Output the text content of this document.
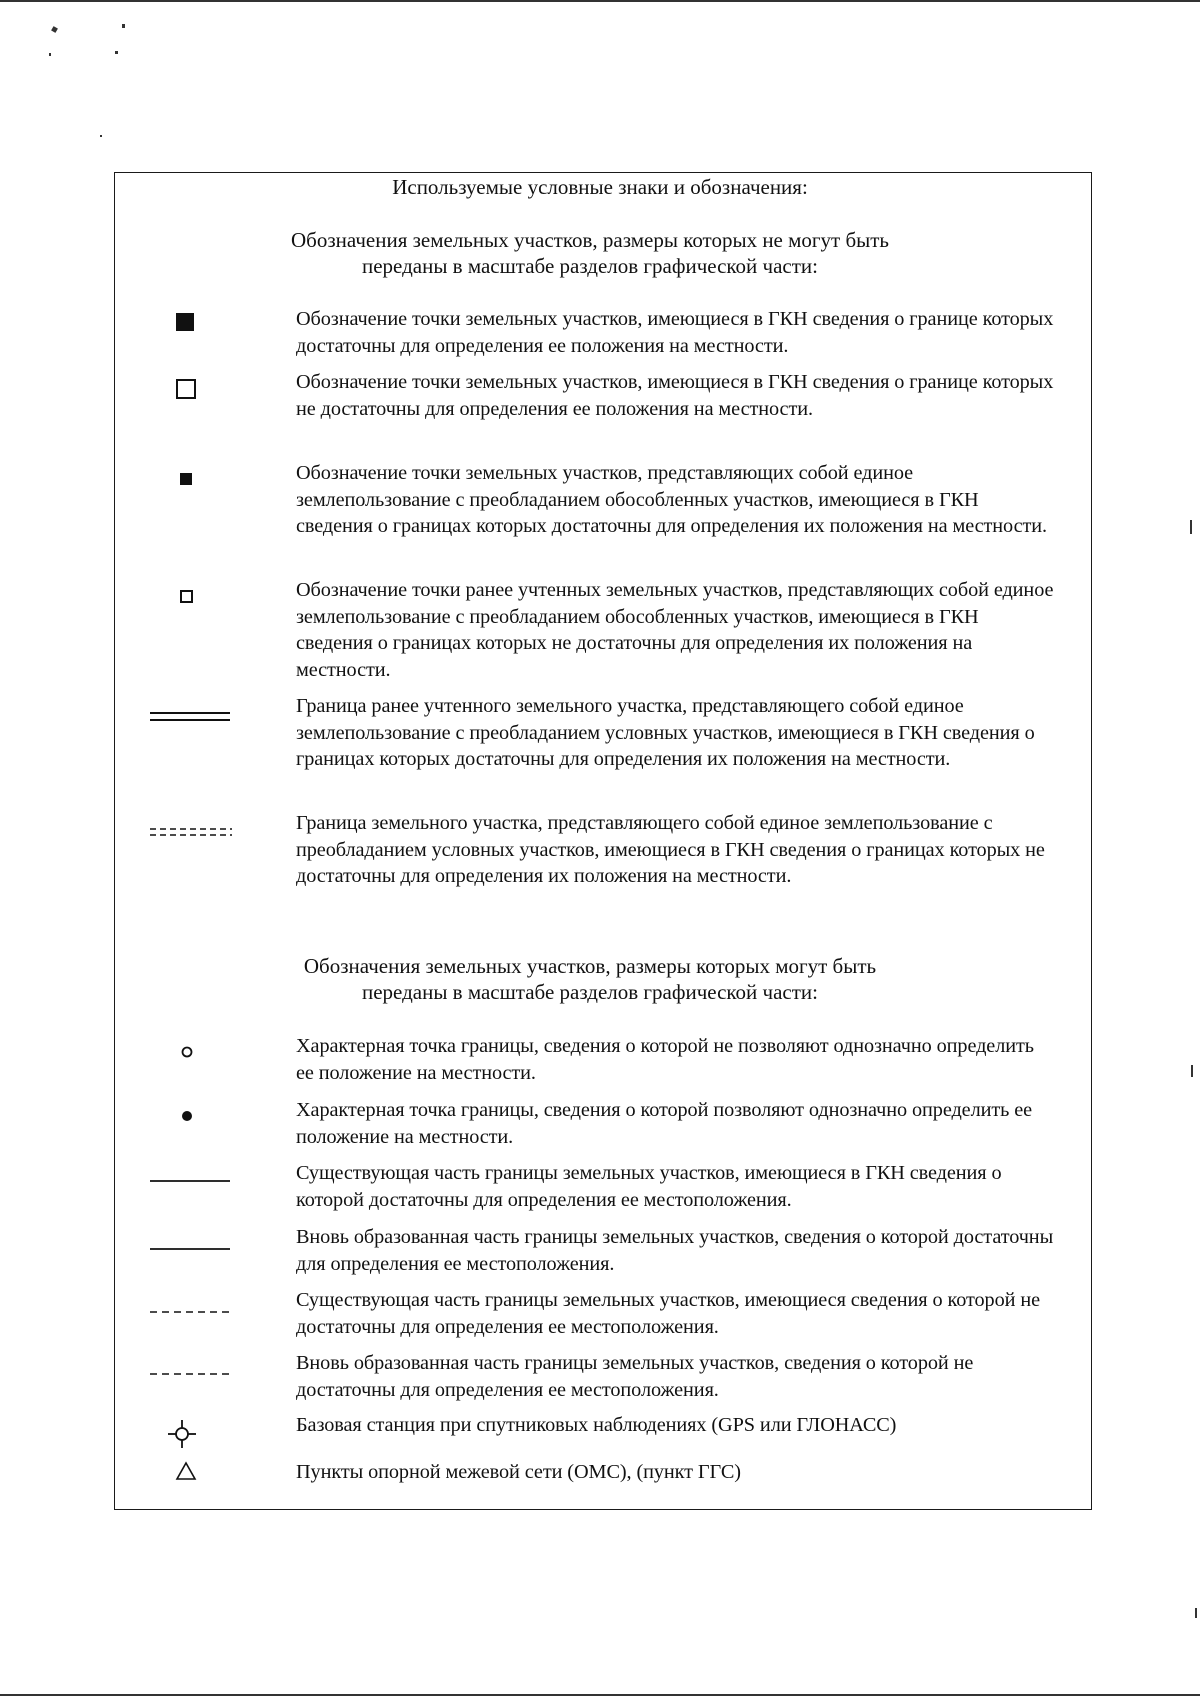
Используемые условные знаки и обозначения:

Обозначения земельных участков, размеры которых не могут быть
переданы в масштабе разделов графической части:

Обозначение точки земельных участков, имеющиеся в ГКН сведения о границе которых достаточны для определения ее положения на местности.

Обозначение точки земельных участков, имеющиеся в ГКН сведения о границе которых не достаточны для определения ее положения на местности.

Обозначение точки земельных участков, представляющих собой единое землепользование с преобладанием обособленных участков, имеющиеся в ГКН сведения о границах которых достаточны для определения их положения на местности.

Обозначение точки ранее учтенных земельных участков, представляющих собой единое землепользование с преобладанием обособленных участков, имеющиеся в ГКН сведения о границах которых не достаточны для определения их положения на местности.

Граница ранее учтенного земельного участка, представляющего собой единое землепользование с преобладанием условных участков, имеющиеся в ГКН сведения о границах которых достаточны для определения их положения на местности.

Граница земельного участка, представляющего собой единое землепользование с преобладанием условных участков, имеющиеся в ГКН сведения о границах которых не достаточны для определения их положения на местности.

Обозначения земельных участков, размеры которых могут быть
переданы в масштабе разделов графической части:

Характерная точка границы, сведения о которой не позволяют однозначно определить ее положение на местности.

Характерная точка границы, сведения о которой позволяют однозначно определить ее положение на местности.

Существующая часть границы земельных участков, имеющиеся в ГКН сведения о которой достаточны для определения ее местоположения.

Вновь образованная часть границы земельных участков, сведения о которой достаточны для определения ее местоположения.

Существующая часть границы земельных участков, имеющиеся сведения о которой не достаточны для определения ее местоположения.

Вновь образованная часть границы земельных участков, сведения о которой не достаточны для определения ее местоположения.

Базовая станция при спутниковых наблюдениях (GPS или ГЛОНАСС)

Пункты опорной межевой сети (ОМС), (пункт ГГС)
